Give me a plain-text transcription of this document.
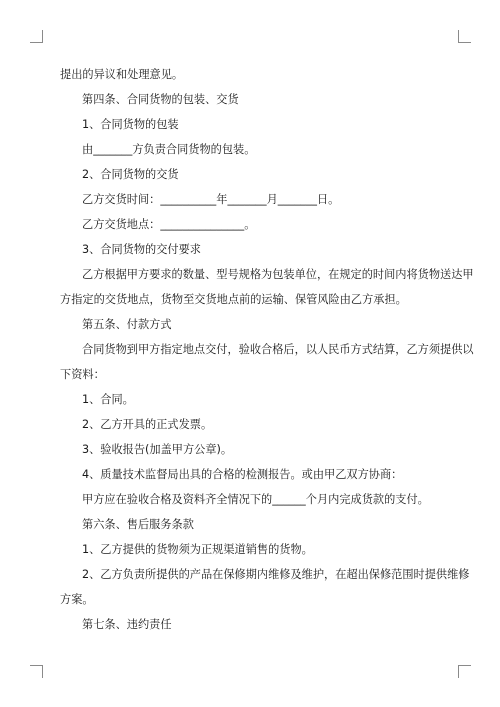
提出的异议和处理意见。

第四条、合同货物的包装、交货

1、合同货物的包装

由_______方负责合同货物的包装。

2、合同货物的交货

乙方交货时间：__________年_______月_______日。

乙方交货地点：_______________。

3、合同货物的交付要求

乙方根据甲方要求的数量、型号规格为包装单位，在规定的时间内将货物送达甲

方指定的交货地点，货物至交货地点前的运输、保管风险由乙方承担。

第五条、付款方式

合同货物到甲方指定地点交付，验收合格后，以人民币方式结算，乙方须提供以

下资料：

1、合同。

2、乙方开具的正式发票。

3、验收报告(加盖甲方公章)。

4、质量技术监督局出具的合格的检测报告。或由甲乙双方协商：

甲方应在验收合格及资料齐全情况下的______个月内完成货款的支付。

第六条、售后服务条款

1、乙方提供的货物须为正规渠道销售的货物。

2、乙方负责所提供的产品在保修期内维修及维护，在超出保修范围时提供维修

方案。

第七条、违约责任
